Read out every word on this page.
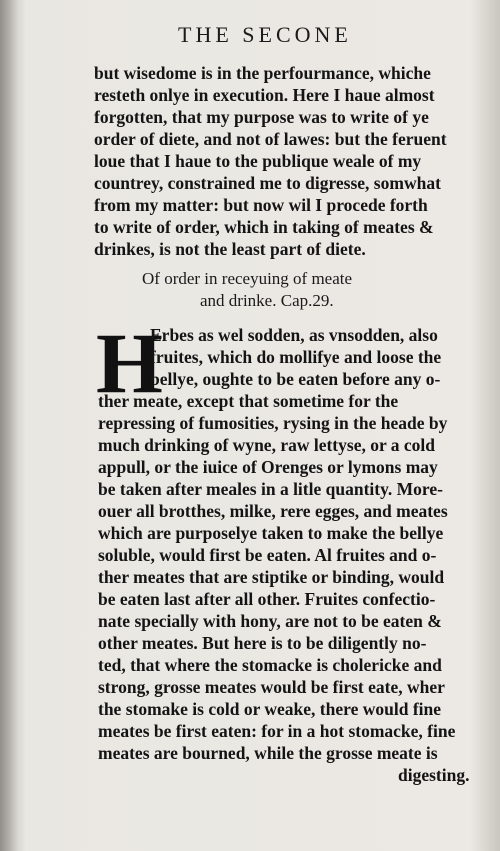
THE SECONE
but wisedome is in the perfourmance, whiche
resteth onlye in execution. Here I haue almost
forgotten, that my purpose was to write of ye
order of diete, and not of lawes: but the feruent
loue that I haue to the publique weale of my
countrey, constrained me to digresse, somwhat
from my matter: but now wil I procede forth
to write of order, which in taking of meates &
drinkes, is not the least part of diete.
Of order in receyuing of meate
and drinke. Cap.29.
H
Erbes as wel sodden, as vnsodden, also
fruites, which do mollifye and loose the
bellye, oughte to be eaten before any o-
ther meate, except that sometime for the
repressing of fumosities, rysing in the heade by
much drinking of wyne, raw lettyse, or a cold
appull, or the iuice of Orenges or lymons may
be taken after meales in a litle quantity. More-
ouer all brotthes, milke, rere egges, and meates
which are purposelye taken to make the bellye
soluble, would first be eaten. Al fruites and o-
ther meates that are stiptike or binding, would
be eaten last after all other. Fruites confectio-
nate specially with hony, are not to be eaten &
other meates. But here is to be diligently no-
ted, that where the stomacke is cholericke and
strong, grosse meates would be first eate, wher
the stomake is cold or weake, there would fine
meates be first eaten: for in a hot stomacke, fine
meates are bourned, while the grosse meate is
digesting.
